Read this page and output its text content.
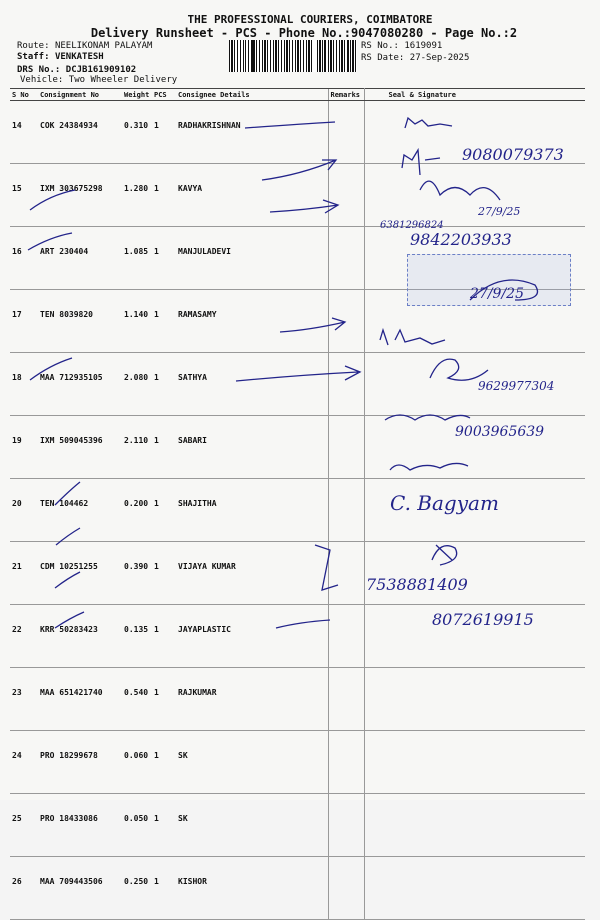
THE PROFESSIONAL COURIERS, COIMBATORE
Delivery Runsheet - PCS - Phone No.:9047080280 - Page No.:2
Route: NEELIKONAM PALAYAM
Staff: VENKATESH
DRS No.: DCJB161909102
Vehicle: Two Wheeler Delivery
RS No.: 1619091
RS Date: 27-Sep-2025
S No	Consignment No	Weight	PCS	Consignee Details	Remarks	Seal & Signature
14	COK 24384934	0.310	1	RADHAKRISHNAN		
15	IXM 303675298	1.280	1	KAVYA		
16	ART 230404	1.085	1	MANJULADEVI		
17	TEN 8039820	1.140	1	RAMASAMY		
18	MAA 712935105	2.080	1	SATHYA		
19	IXM 509045396	2.110	1	SABARI		
20	TEN 104462	0.200	1	SHAJITHA		
21	CDM 10251255	0.390	1	VIJAYA KUMAR		
22	KRR 50283423	0.135	1	JAYAPLASTIC		
23	MAA 651421740	0.540	1	RAJKUMAR		
24	PRO 18299678	0.060	1	SK		
25	PRO 18433086	0.050	1	SK		
26	MAA 709443506	0.250	1	KISHOR		
9080079373
6381296824
27/9/25
9842203933
27/9/25
9629977304
9003965639
C. Bagyam
7538881409
8072619915
